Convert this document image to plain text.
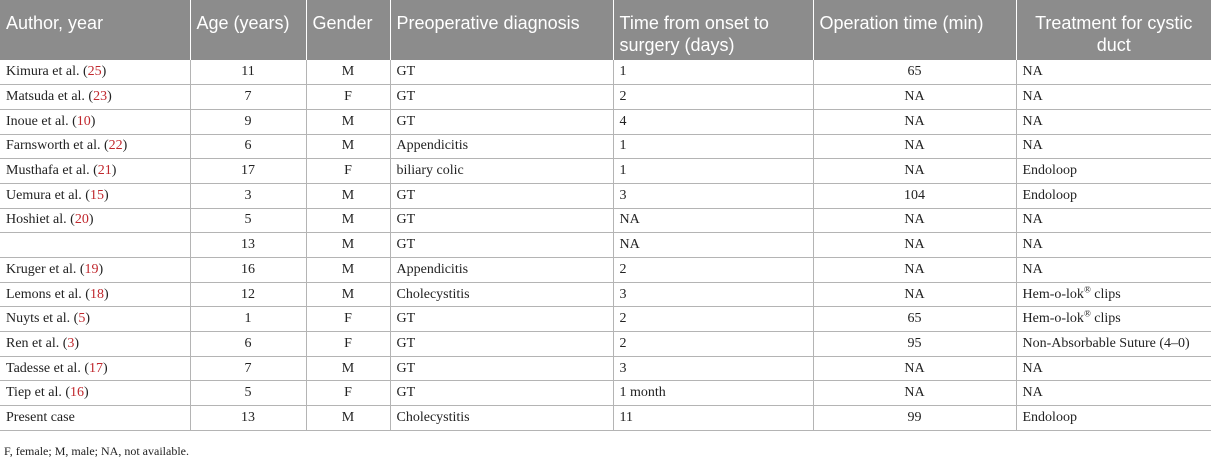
Author, year	Age (years)	Gender	Preoperative diagnosis	Time from onset to surgery (days)	Operation time (min)	Treatment for cystic duct
Kimura et al. (25)	11	M	GT	1	65	NA
Matsuda et al. (23)	7	F	GT	2	NA	NA
Inoue et al. (10)	9	M	GT	4	NA	NA
Farnsworth et al. (22)	6	M	Appendicitis	1	NA	NA
Musthafa et al. (21)	17	F	biliary colic	1	NA	Endoloop
Uemura et al. (15)	3	M	GT	3	104	Endoloop
Hoshiet al. (20)	5	M	GT	NA	NA	NA
	13	M	GT	NA	NA	NA
Kruger et al. (19)	16	M	Appendicitis	2	NA	NA
Lemons et al. (18)	12	M	Cholecystitis	3	NA	Hem-o-lok® clips
Nuyts et al. (5)	1	F	GT	2	65	Hem-o-lok® clips
Ren et al. (3)	6	F	GT	2	95	Non-Absorbable Suture (4–0)
Tadesse et al. (17)	7	M	GT	3	NA	NA
Tiep et al. (16)	5	F	GT	1 month	NA	NA
Present case	13	M	Cholecystitis	11	99	Endoloop
F, female; M, male; NA, not available.
